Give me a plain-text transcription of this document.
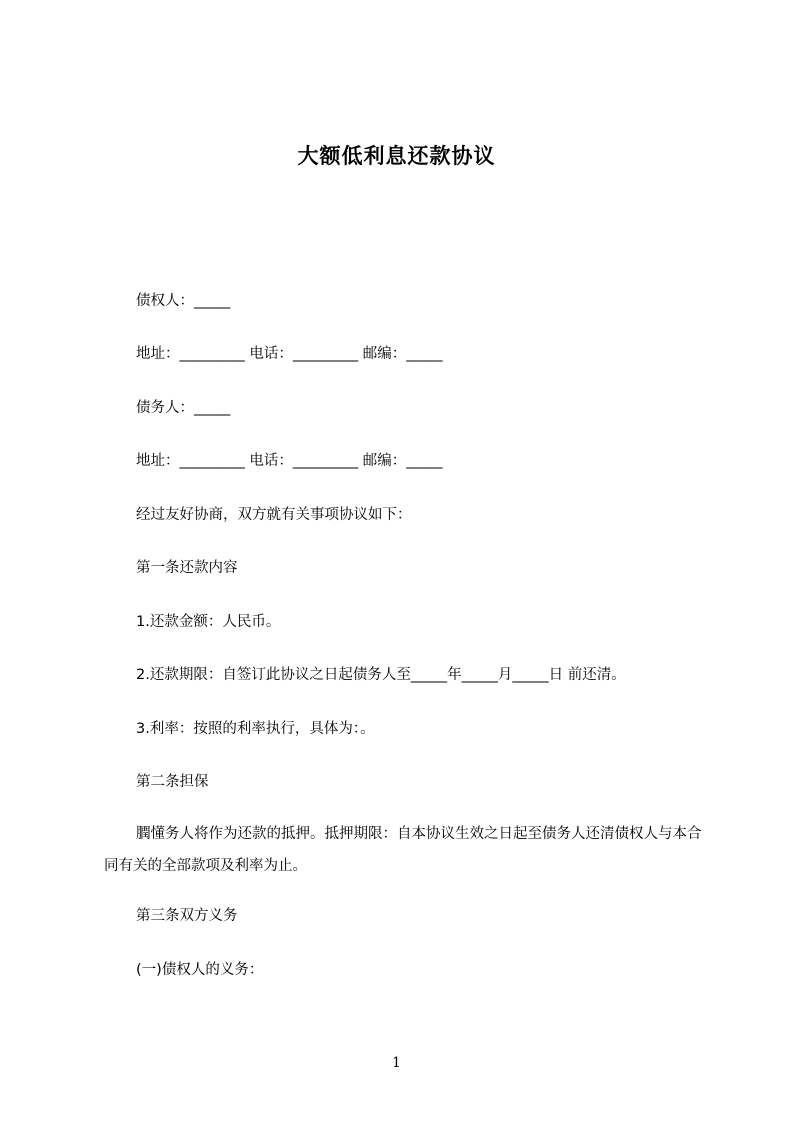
大额低利息还款协议
债权人：_____
地址：_________ 电话：_________ 邮编：_____
债务人：_____
地址：_________ 电话：_________ 邮编：_____
经过友好协商，双方就有关事项协议如下：
第一条还款内容
1.还款金额：人民币。
2.还款期限：自签订此协议之日起债务人至_____年_____月_____日 前还清。
3.利率：按照的利率执行，具体为：。
第二条担保
膶懂务人将作为还款的抵押。抵押期限：自本协议生效之日起至债务人还清债权人与本合同有关的全部款项及利率为止。
第三条双方义务
(一)债权人的义务：
1
